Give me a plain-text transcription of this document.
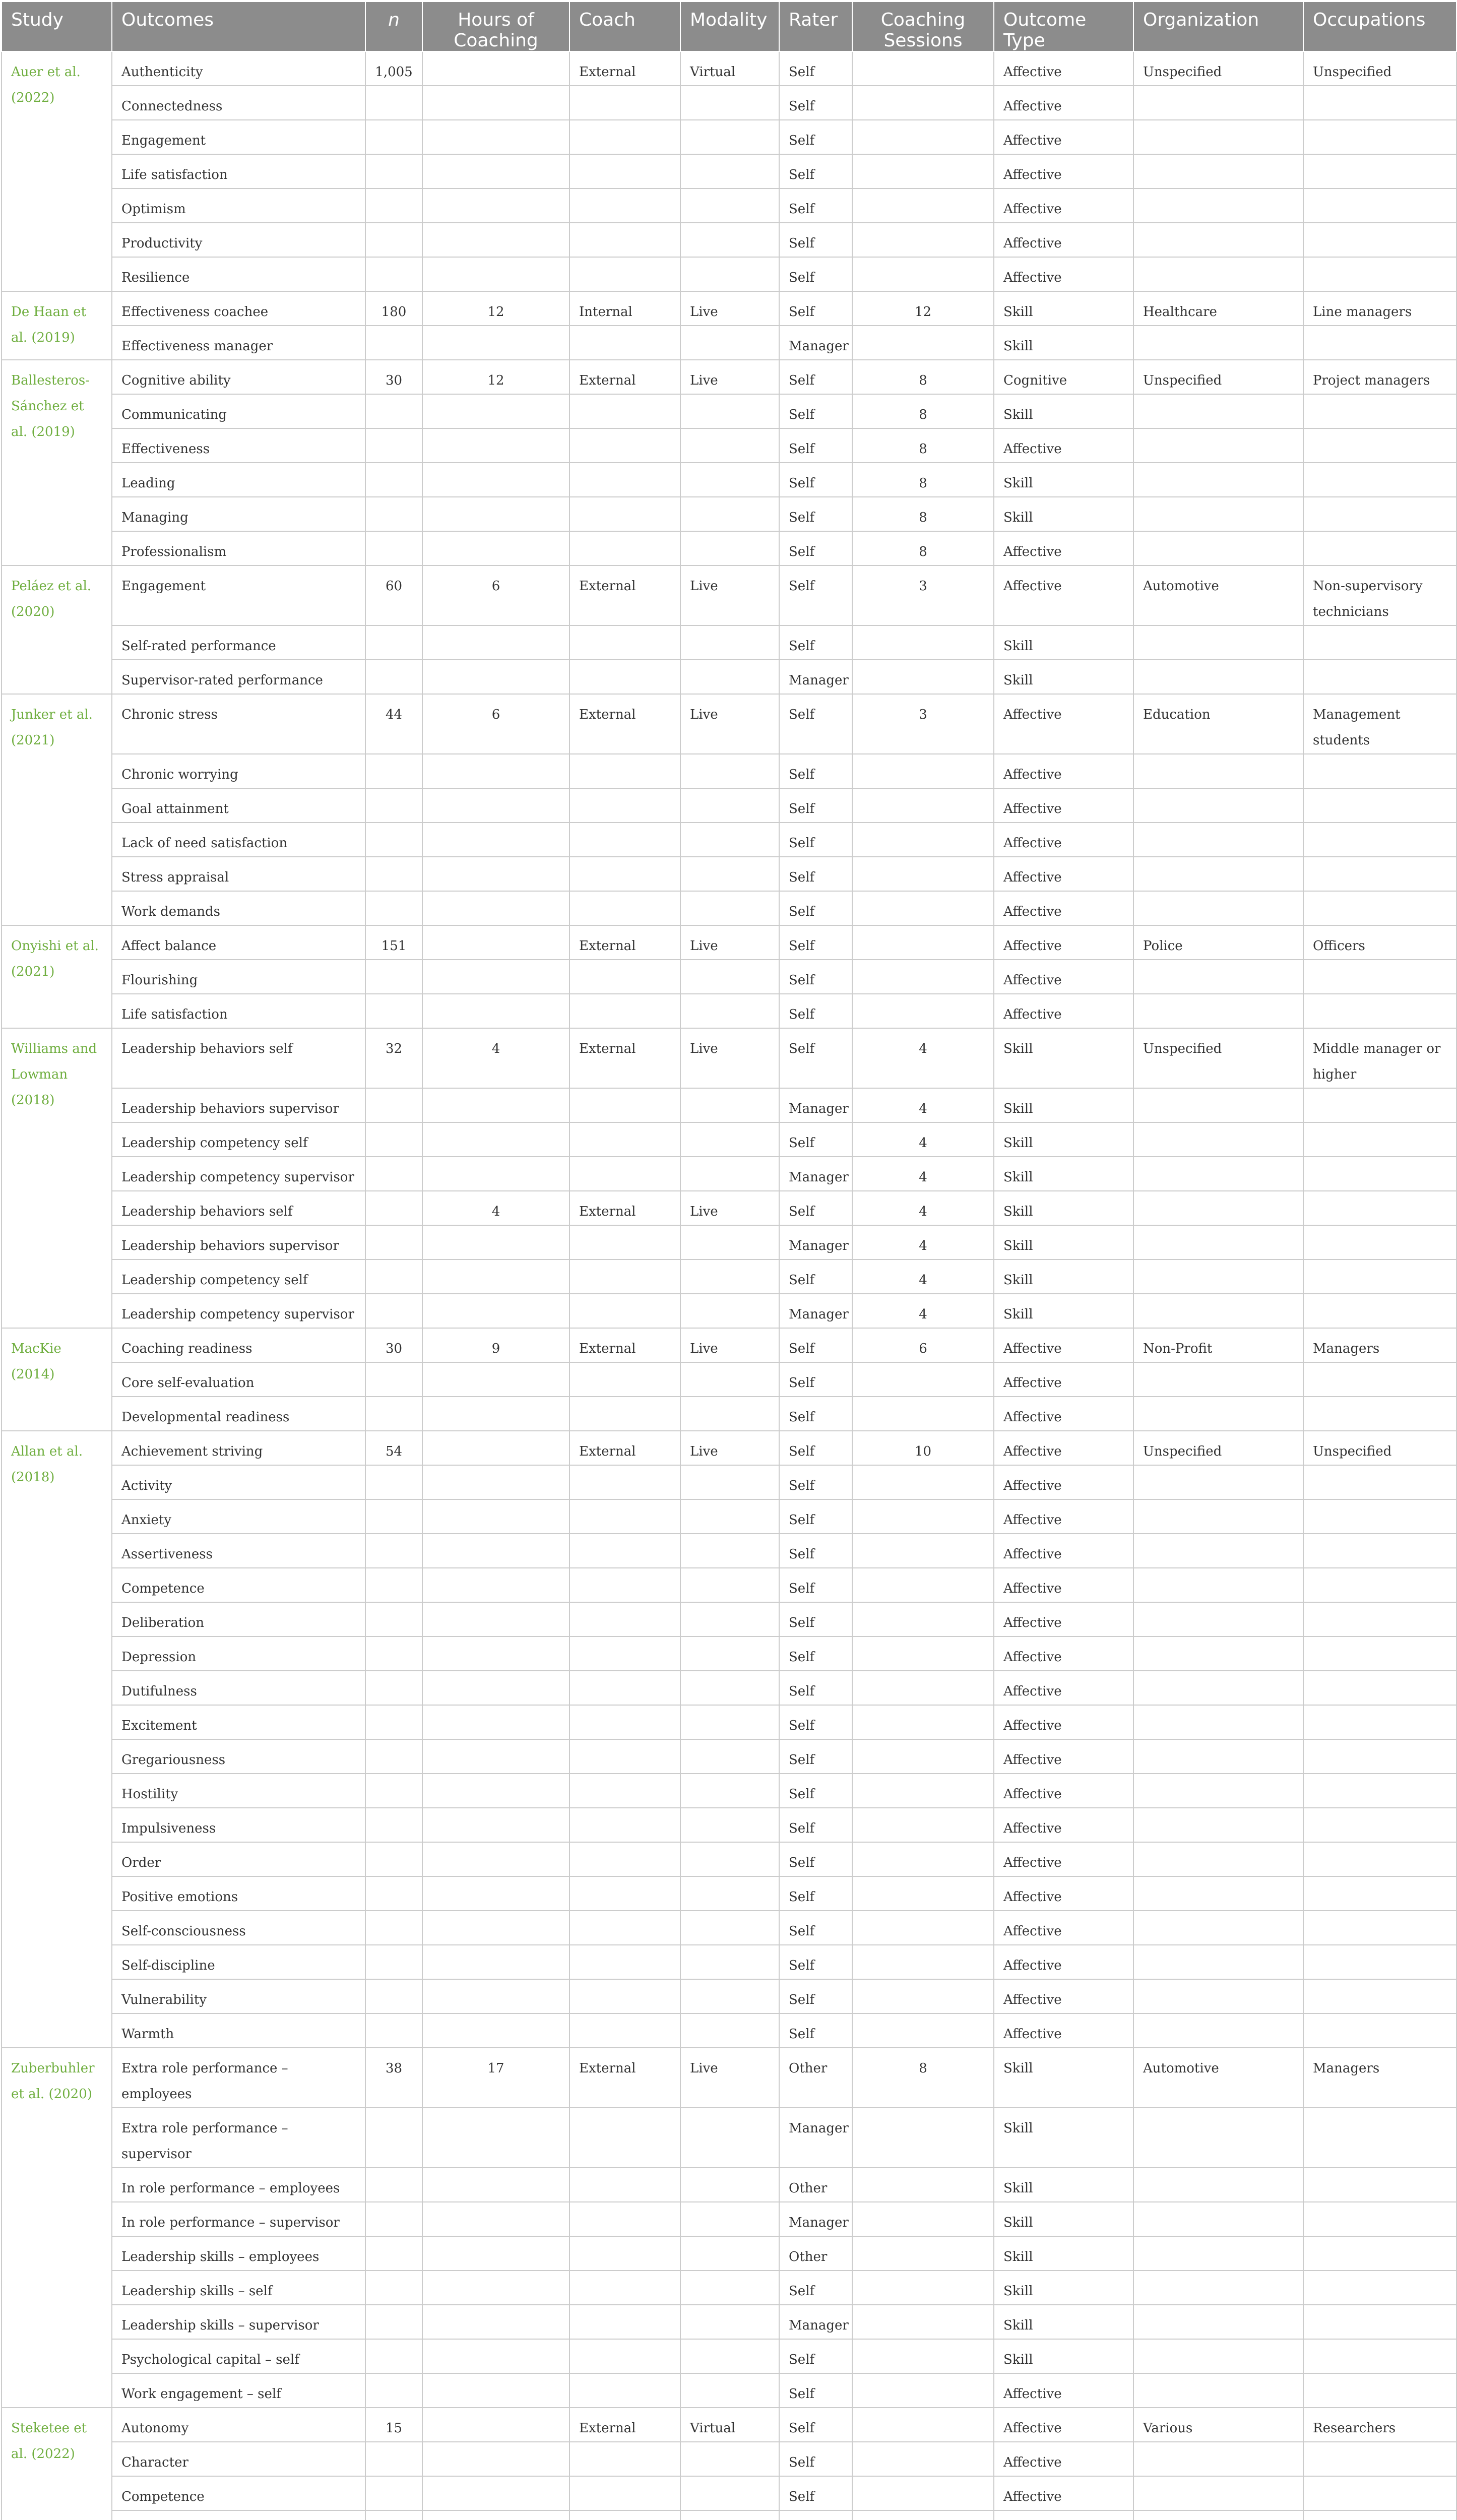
Study	Outcomes	n	Hours of Coaching	Coach	Modality	Rater	Coaching Sessions	Outcome Type	Organization	Occupations
Auer et al. (2022)	Authenticity	1,005		External	Virtual	Self		Affective	Unspecified	Unspecified
	Connectedness					Self		Affective		
	Engagement					Self		Affective		
	Life satisfaction					Self		Affective		
	Optimism					Self		Affective		
	Productivity					Self		Affective		
	Resilience					Self		Affective		
De Haan et al. (2019)	Effectiveness coachee	180	12	Internal	Live	Self	12	Skill	Healthcare	Line managers
	Effectiveness manager					Manager		Skill		
Ballesteros-Sánchez et al. (2019)	Cognitive ability	30	12	External	Live	Self	8	Cognitive	Unspecified	Project managers
	Communicating					Self	8	Skill		
	Effectiveness					Self	8	Affective		
	Leading					Self	8	Skill		
	Managing					Self	8	Skill		
	Professionalism					Self	8	Affective		
Peláez et al. (2020)	Engagement	60	6	External	Live	Self	3	Affective	Automotive	Non-supervisory technicians
	Self-rated performance					Self		Skill		
	Supervisor-rated performance					Manager		Skill		
Junker et al. (2021)	Chronic stress	44	6	External	Live	Self	3	Affective	Education	Management students
	Chronic worrying					Self		Affective		
	Goal attainment					Self		Affective		
	Lack of need satisfaction					Self		Affective		
	Stress appraisal					Self		Affective		
	Work demands					Self		Affective		
Onyishi et al. (2021)	Affect balance	151		External	Live	Self		Affective	Police	Officers
	Flourishing					Self		Affective		
	Life satisfaction					Self		Affective		
Williams and Lowman (2018)	Leadership behaviors self	32	4	External	Live	Self	4	Skill	Unspecified	Middle manager or higher
	Leadership behaviors supervisor					Manager	4	Skill		
	Leadership competency self					Self	4	Skill		
	Leadership competency supervisor					Manager	4	Skill		
	Leadership behaviors self		4	External	Live	Self	4	Skill		
	Leadership behaviors supervisor					Manager	4	Skill		
	Leadership competency self					Self	4	Skill		
	Leadership competency supervisor					Manager	4	Skill		
MacKie (2014)	Coaching readiness	30	9	External	Live	Self	6	Affective	Non-Profit	Managers
	Core self-evaluation					Self		Affective		
	Developmental readiness					Self		Affective		
Allan et al. (2018)	Achievement striving	54		External	Live	Self	10	Affective	Unspecified	Unspecified
	Activity					Self		Affective		
	Anxiety					Self		Affective		
	Assertiveness					Self		Affective		
	Competence					Self		Affective		
	Deliberation					Self		Affective		
	Depression					Self		Affective		
	Dutifulness					Self		Affective		
	Excitement					Self		Affective		
	Gregariousness					Self		Affective		
	Hostility					Self		Affective		
	Impulsiveness					Self		Affective		
	Order					Self		Affective		
	Positive emotions					Self		Affective		
	Self-consciousness					Self		Affective		
	Self-discipline					Self		Affective		
	Vulnerability					Self		Affective		
	Warmth					Self		Affective		
Zuberbuhler et al. (2020)	Extra role performance – employees	38	17	External	Live	Other	8	Skill	Automotive	Managers
	Extra role performance – supervisor					Manager		Skill		
	In role performance – employees					Other		Skill		
	In role performance – supervisor					Manager		Skill		
	Leadership skills – employees					Other		Skill		
	Leadership skills – self					Self		Skill		
	Leadership skills – supervisor					Manager		Skill		
	Psychological capital – self					Self		Skill		
	Work engagement – self					Self		Affective		
Steketee et al. (2022)	Autonomy	15		External	Virtual	Self		Affective	Various	Researchers
	Character					Self		Affective		
	Competence					Self		Affective		
